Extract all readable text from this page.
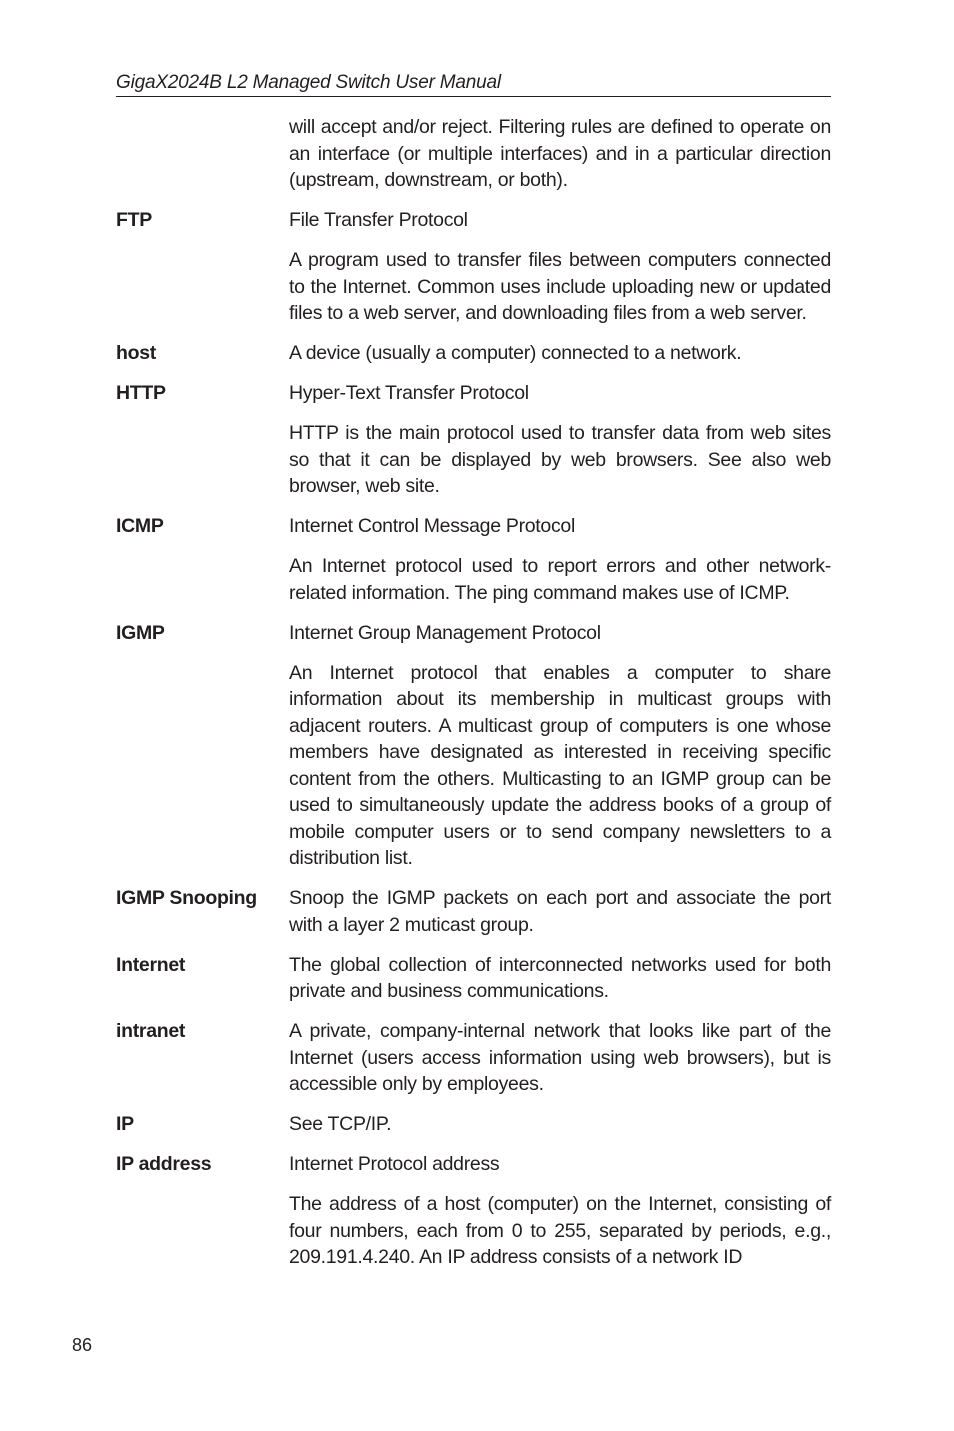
GigaX2024B L2 Managed Switch User Manual

will accept and/or reject. Filtering rules are defined to operate on an interface (or multiple interfaces) and in a particular direction (upstream, downstream, or both).

FTP	File Transfer Protocol

A program used to transfer files between computers connected to the Internet. Common uses include uploading new or updated files to a web server, and downloading files from a web server.

host	A device (usually a computer) connected to a network.

HTTP	Hyper-Text Transfer Protocol

HTTP is the main protocol used to transfer data from web sites so that it can be displayed by web browsers. See also web browser, web site.

ICMP	Internet Control Message Protocol

An Internet protocol used to report errors and other network-related information. The ping command makes use of ICMP.

IGMP	Internet Group Management Protocol

An Internet protocol that enables a computer to share information about its membership in multicast groups with adjacent routers. A multicast group of computers is one whose members have designated as interested in receiving specific content from the others. Multicasting to an IGMP group can be used to simultaneously update the address books of a group of mobile computer users or to send company newsletters to a distribution list.

IGMP Snooping	Snoop the IGMP packets on each port and associate the port with a layer 2 muticast group.

Internet	The global collection of interconnected networks used for both private and business communications.

intranet	A private, company-internal network that looks like part of the Internet (users access information using web browsers), but is accessible only by employees.

IP	See TCP/IP.

IP address	Internet Protocol address

The address of a host (computer) on the Internet, consisting of four numbers, each from 0 to 255, separated by periods, e.g., 209.191.4.240. An IP address consists of a network ID

86
